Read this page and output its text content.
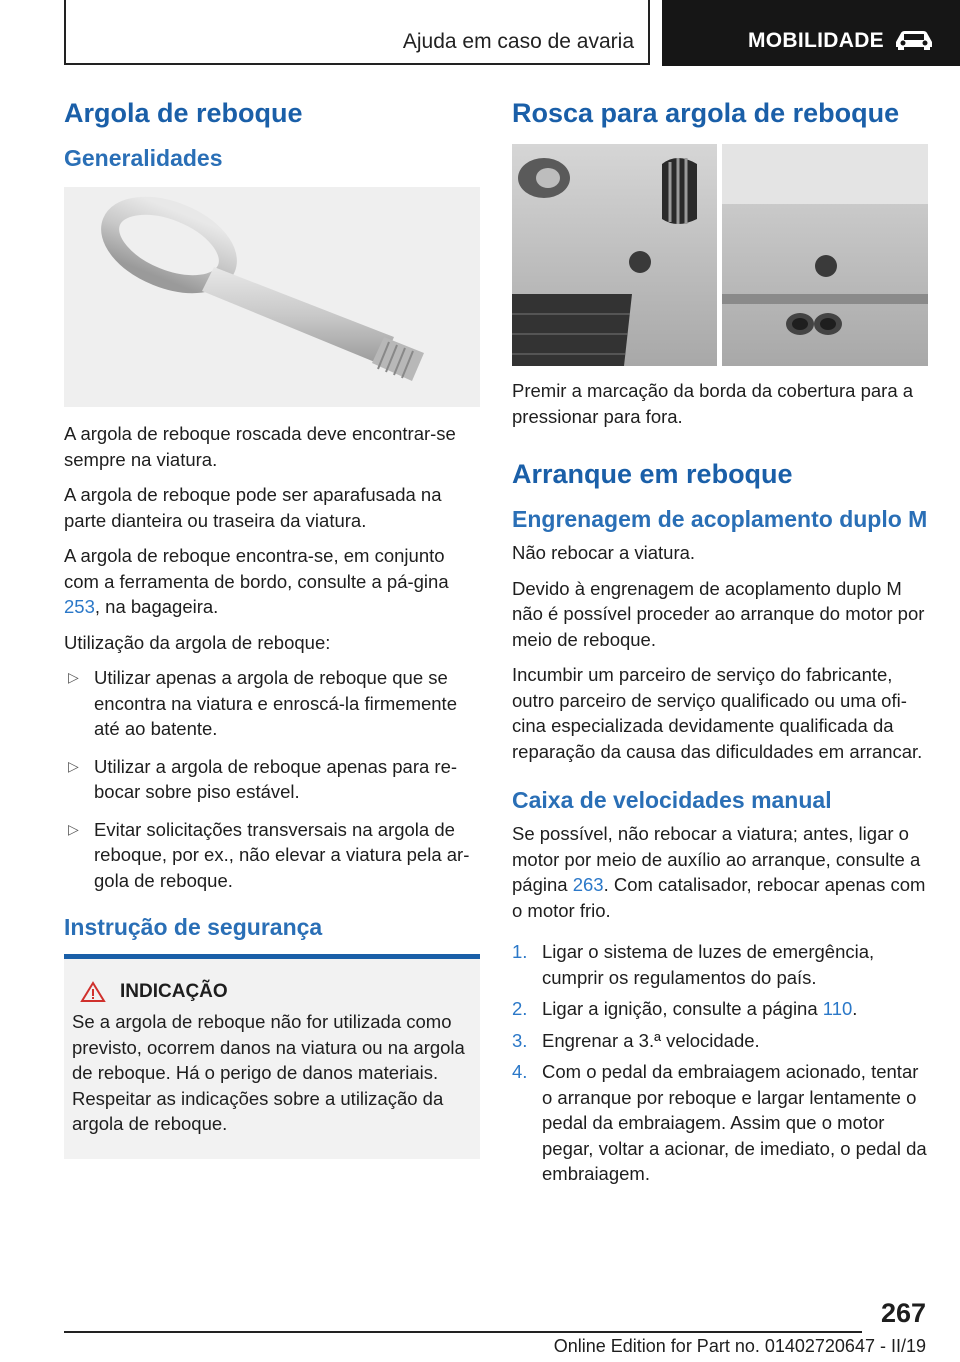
Ajuda em caso de avaria	MOBILIDADE
Argola de reboque
Generalidades

A argola de reboque roscada deve encontrar-se sempre na viatura.

A argola de reboque pode ser aparafusada na parte dianteira ou traseira da viatura.

A argola de reboque encontra-se, em conjunto com a ferramenta de bordo, consulte a pá-gina 253, na bagageira.

Utilização da argola de reboque:

▷ Utilizar apenas a argola de reboque que se encontra na viatura e enroscá-la firmemente até ao batente.
▷ Utilizar a argola de reboque apenas para re-bocar sobre piso estável.
▷ Evitar solicitações transversais na argola de reboque, por ex., não elevar a viatura pela ar-gola de reboque.
Instrução de segurança
INDICAÇÃO

Se a argola de reboque não for utilizada como previsto, ocorrem danos na viatura ou na argola de reboque. Há o perigo de danos materiais. Respeitar as indicações sobre a utilização da argola de reboque.

Rosca para argola de reboque

Premir a marcação da borda da cobertura para a pressionar para fora.

Arranque em reboque
Engrenagem de acoplamento duplo M

Não rebocar a viatura.

Devido à engrenagem de acoplamento duplo M não é possível proceder ao arranque do motor por meio de reboque.

Incumbir um parceiro de serviço do fabricante, outro parceiro de serviço qualificado ou uma ofi-cina especializada devidamente qualificada da reparação da causa das dificuldades em arrancar.

Caixa de velocidades manual

Se possível, não rebocar a viatura; antes, ligar o motor por meio de auxílio ao arranque, consulte a página 263. Com catalisador, rebocar apenas com o motor frio.

1. Ligar o sistema de luzes de emergência, cumprir os regulamentos do país.
2. Ligar a ignição, consulte a página 110.
3. Engrenar a 3.ª velocidade.
4. Com o pedal da embraiagem acionado, tentar o arranque por reboque e largar lentamente o pedal da embraiagem. Assim que o motor pegar, voltar a acionar, de imediato, o pedal da embraiagem.
267
Online Edition for Part no. 01402720647 - II/19
